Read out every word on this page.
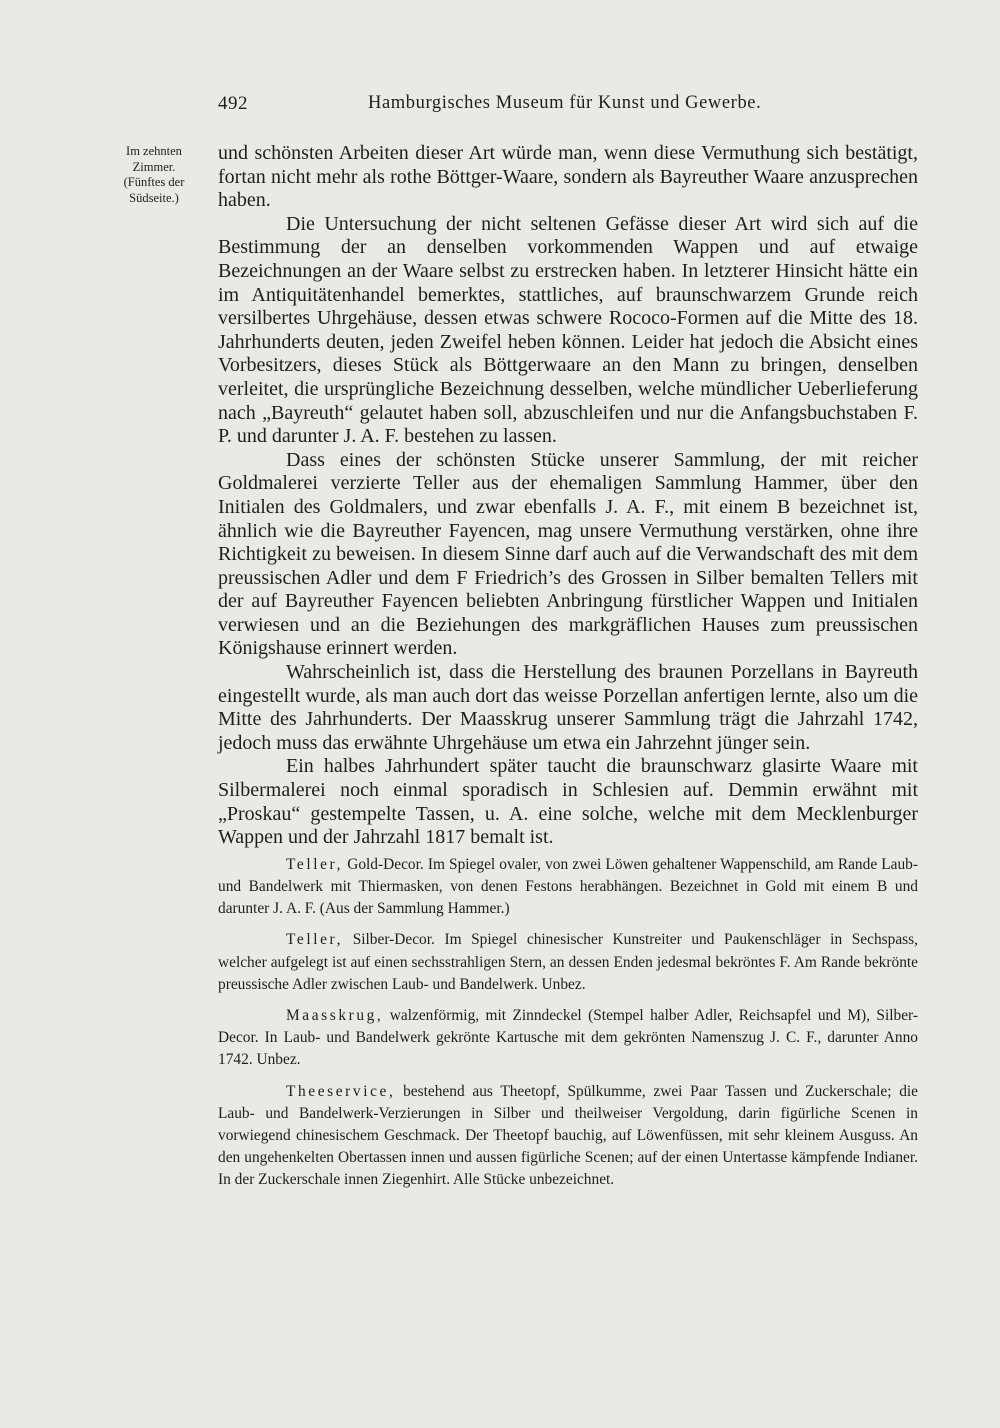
492	Hamburgisches Museum für Kunst und Gewerbe.
Im zehnten
Zimmer.
(Fünftes der
Südseite.)

und schönsten Arbeiten dieser Art würde man, wenn diese Vermuthung sich bestätigt, fortan nicht mehr als rothe Böttger-Waare, sondern als Bayreuther Waare anzusprechen haben.

Die Untersuchung der nicht seltenen Gefässe dieser Art wird sich auf die Bestimmung der an denselben vorkommenden Wappen und auf etwaige Bezeichnungen an der Waare selbst zu erstrecken haben. In letzterer Hinsicht hätte ein im Antiquitätenhandel bemerktes, stattliches, auf braunschwarzem Grunde reich versilbertes Uhrgehäuse, dessen etwas schwere Rococo-Formen auf die Mitte des 18. Jahrhunderts deuten, jeden Zweifel heben können. Leider hat jedoch die Absicht eines Vorbesitzers, dieses Stück als Böttgerwaare an den Mann zu bringen, denselben verleitet, die ursprüngliche Bezeichnung desselben, welche mündlicher Ueberlieferung nach „Bayreuth“ gelautet haben soll, abzuschleifen und nur die Anfangsbuchstaben F. P. und darunter J. A. F. bestehen zu lassen.

Dass eines der schönsten Stücke unserer Sammlung, der mit reicher Goldmalerei verzierte Teller aus der ehemaligen Sammlung Hammer, über den Initialen des Goldmalers, und zwar ebenfalls J. A. F., mit einem B bezeichnet ist, ähnlich wie die Bayreuther Fayencen, mag unsere Vermuthung verstärken, ohne ihre Richtigkeit zu beweisen. In diesem Sinne darf auch auf die Verwandschaft des mit dem preussischen Adler und dem F Friedrich’s des Grossen in Silber bemalten Tellers mit der auf Bayreuther Fayencen beliebten Anbringung fürstlicher Wappen und Initialen verwiesen und an die Beziehungen des markgräflichen Hauses zum preussischen Königshause erinnert werden.

Wahrscheinlich ist, dass die Herstellung des braunen Porzellans in Bayreuth eingestellt wurde, als man auch dort das weisse Porzellan anfertigen lernte, also um die Mitte des Jahrhunderts. Der Maasskrug unserer Sammlung trägt die Jahrzahl 1742, jedoch muss das erwähnte Uhrgehäuse um etwa ein Jahrzehnt jünger sein.

Ein halbes Jahrhundert später taucht die braunschwarz glasirte Waare mit Silbermalerei noch einmal sporadisch in Schlesien auf. Demmin erwähnt mit „Proskau“ gestempelte Tassen, u. A. eine solche, welche mit dem Mecklenburger Wappen und der Jahrzahl 1817 bemalt ist.

Teller, Gold-Decor. Im Spiegel ovaler, von zwei Löwen gehaltener Wappenschild, am Rande Laub- und Bandelwerk mit Thiermasken, von denen Festons herabhängen. Bezeichnet in Gold mit einem B und darunter J. A. F. (Aus der Sammlung Hammer.)

Teller, Silber-Decor. Im Spiegel chinesischer Kunstreiter und Paukenschläger in Sechspass, welcher aufgelegt ist auf einen sechsstrahligen Stern, an dessen Enden jedesmal bekröntes F. Am Rande bekrönte preussische Adler zwischen Laub- und Bandelwerk. Unbez.

Maasskrug, walzenförmig, mit Zinndeckel (Stempel halber Adler, Reichsapfel und M), Silber-Decor. In Laub- und Bandelwerk gekrönte Kartusche mit dem gekrönten Namenszug J. C. F., darunter Anno 1742. Unbez.

Theeservice, bestehend aus Theetopf, Spülkumme, zwei Paar Tassen und Zuckerschale; die Laub- und Bandelwerk-Verzierungen in Silber und theilweiser Vergoldung, darin figürliche Scenen in vorwiegend chinesischem Geschmack. Der Theetopf bauchig, auf Löwenfüssen, mit sehr kleinem Ausguss. An den ungehenkelten Obertassen innen und aussen figürliche Scenen; auf der einen Untertasse kämpfende Indianer. In der Zuckerschale innen Ziegenhirt. Alle Stücke unbezeichnet.
